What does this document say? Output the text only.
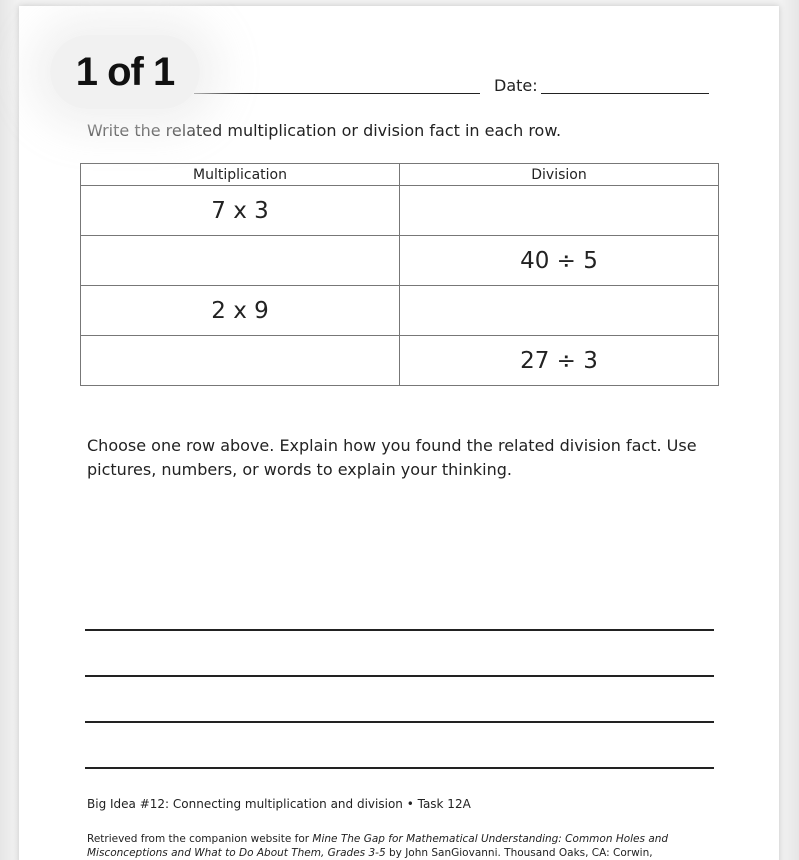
1 of 1	Date:
Write the related multiplication or division fact in each row.
Multiplication	Division
7 x 3	
	40 ÷ 5
2 x 9	
	27 ÷ 3
Choose one row above. Explain how you found the related division fact. Use pictures, numbers, or words to explain your thinking.
Big Idea #12: Connecting multiplication and division • Task 12A
Retrieved from the companion website for Mine The Gap for Mathematical Understanding: Common Holes and Misconceptions and What to Do About Them, Grades 3-5 by John SanGiovanni. Thousand Oaks, CA: Corwin,
